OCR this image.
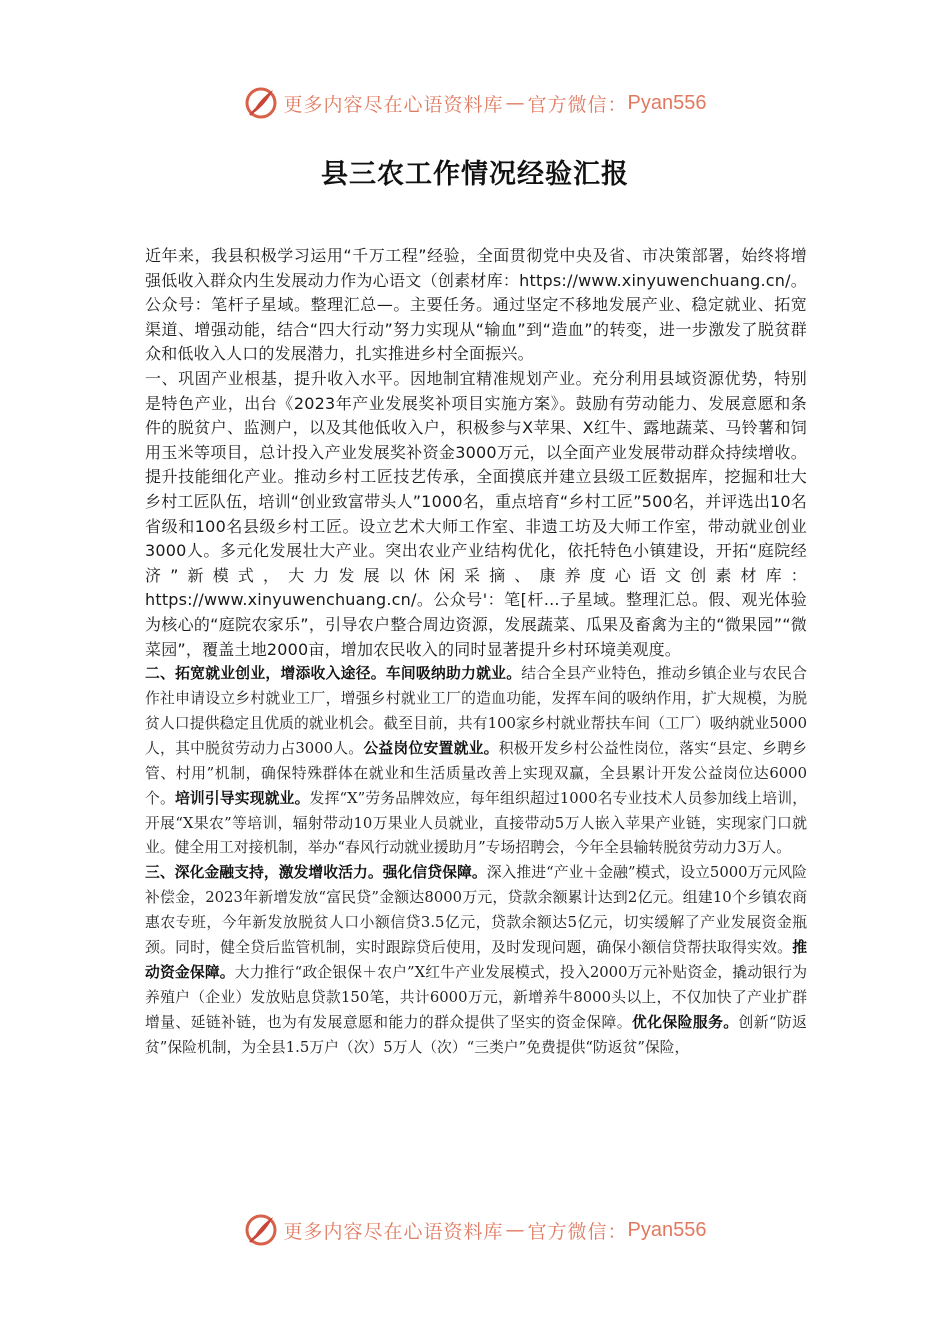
更多内容尽在心语资料库 — 官方微信： Pyan556
县三农工作情况经验汇报

近年来，我县积极学习运用“千万工程”经验，全面贯彻党中央及省、市决策部署，始终将增强低收入群众内生发展动力作为心语文（创素材库：https://www.xinyuwenchuang.cn/。公众号：笔杆子星域。整理汇总—。主要任务。通过坚定不移地发展产业、稳定就业、拓宽渠道、增强动能，结合“四大行动”努力实现从“输血”到“造血”的转变，进一步激发了脱贫群众和低收入人口的发展潜力，扎实推进乡村全面振兴。

一、巩固产业根基，提升收入水平。因地制宜精准规划产业。充分利用县域资源优势，特别是特色产业，出台《2023年产业发展奖补项目实施方案》。鼓励有劳动能力、发展意愿和条件的脱贫户、监测户，以及其他低收入户，积极参与X苹果、X红牛、露地蔬菜、马铃薯和饲用玉米等项目，总计投入产业发展奖补资金3000万元，以全面产业发展带动群众持续增收。提升技能细化产业。推动乡村工匠技艺传承，全面摸底并建立县级工匠数据库，挖掘和壮大乡村工匠队伍，培训“创业致富带头人”1000名，重点培育“乡村工匠”500名，并评选出10名省级和100名县级乡村工匠。设立艺术大师工作室、非遗工坊及大师工作室，带动就业创业3000人。多元化发展壮大产业。突出农业产业结构优化，依托特色小镇建设，开拓“庭院经济”新模式，大力发展以休闲采摘、康养度心语文创素材库：https://www.xinyuwenchuang.cn/。公众号'：笔[杆...子星域。整理汇总。假、观光体验为核心的“庭院农家乐”，引导农户整合周边资源，发展蔬菜、瓜果及畜禽为主的“微果园”“微菜园”，覆盖土地2000亩，增加农民收入的同时显著提升乡村环境美观度。

二、拓宽就业创业，增添收入途径。车间吸纳助力就业。结合全县产业特色，推动乡镇企业与农民合作社申请设立乡村就业工厂，增强乡村就业工厂的造血功能，发挥车间的吸纳作用，扩大规模，为脱贫人口提供稳定且优质的就业机会。截至目前，共有100家乡村就业帮扶车间（工厂）吸纳就业5000人，其中脱贫劳动力占3000人。公益岗位安置就业。积极开发乡村公益性岗位，落实“县定、乡聘乡管、村用”机制，确保特殊群体在就业和生活质量改善上实现双赢，全县累计开发公益岗位达6000个。培训引导实现就业。发挥“X”劳务品牌效应，每年组织超过1000名专业技术人员参加线上培训，开展“X果农”等培训，辐射带动10万果业人员就业，直接带动5万人嵌入苹果产业链，实现家门口就业。健全用工对接机制，举办“春风行动就业援助月”专场招聘会，今年全县输转脱贫劳动力3万人。

三、深化金融支持，激发增收活力。强化信贷保障。深入推进“产业＋金融”模式，设立5000万元风险补偿金，2023年新增发放“富民贷”金额达8000万元，贷款余额累计达到2亿元。组建10个乡镇农商惠农专班，今年新发放脱贫人口小额信贷3.5亿元，贷款余额达5亿元，切实缓解了产业发展资金瓶颈。同时，健全贷后监管机制，实时跟踪贷后使用，及时发现问题，确保小额信贷帮扶取得实效。推动资金保障。大力推行“政企银保＋农户”X红牛产业发展模式，投入2000万元补贴资金，撬动银行为养殖户（企业）发放贴息贷款150笔，共计6000万元，新增养牛8000头以上，不仅加快了产业扩群增量、延链补链，也为有发展意愿和能力的群众提供了坚实的资金保障。优化保险服务。创新“防返贫”保险机制，为全县1.5万户（次）5万人（次）“三类户”免费提供“防返贫”保险，

更多内容尽在心语资料库 — 官方微信： Pyan556
